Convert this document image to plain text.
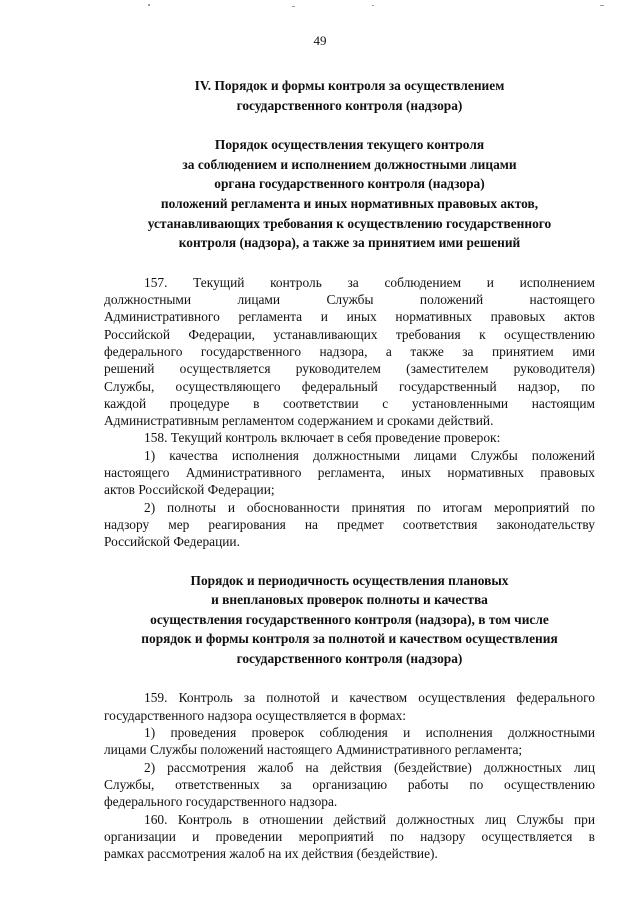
49
IV. Порядок и формы контроля за осуществлением
государственного контроля (надзора)
Порядок осуществления текущего контроля
за соблюдением и исполнением должностными лицами
органа государственного контроля (надзора)
положений регламента и иных нормативных правовых актов,
устанавливающих требования к осуществлению государственного
контроля (надзора), а также за принятием ими решений
157. Текущий контроль за соблюдением и исполнением
должностными лицами Службы положений настоящего
Административного регламента и иных нормативных правовых актов
Российской Федерации, устанавливающих требования к осуществлению
федерального государственного надзора, а также за принятием ими
решений осуществляется руководителем (заместителем руководителя)
Службы, осуществляющего федеральный государственный надзор, по
каждой процедуре в соответствии с установленными настоящим
Административным регламентом содержанием и сроками действий.
158. Текущий контроль включает в себя проведение проверок:
1) качества исполнения должностными лицами Службы положений
настоящего Административного регламента, иных нормативных правовых
актов Российской Федерации;
2) полноты и обоснованности принятия по итогам мероприятий по
надзору мер реагирования на предмет соответствия законодательству
Российской Федерации.
Порядок и периодичность осуществления плановых
и внеплановых проверок полноты и качества
осуществления государственного контроля (надзора), в том числе
порядок и формы контроля за полнотой и качеством осуществления
государственного контроля (надзора)
159. Контроль за полнотой и качеством осуществления федерального
государственного надзора осуществляется в формах:
1) проведения проверок соблюдения и исполнения должностными
лицами Службы положений настоящего Административного регламента;
2) рассмотрения жалоб на действия (бездействие) должностных лиц
Службы, ответственных за организацию работы по осуществлению
федерального государственного надзора.
160. Контроль в отношении действий должностных лиц Службы при
организации и проведении мероприятий по надзору осуществляется в
рамках рассмотрения жалоб на их действия (бездействие).
